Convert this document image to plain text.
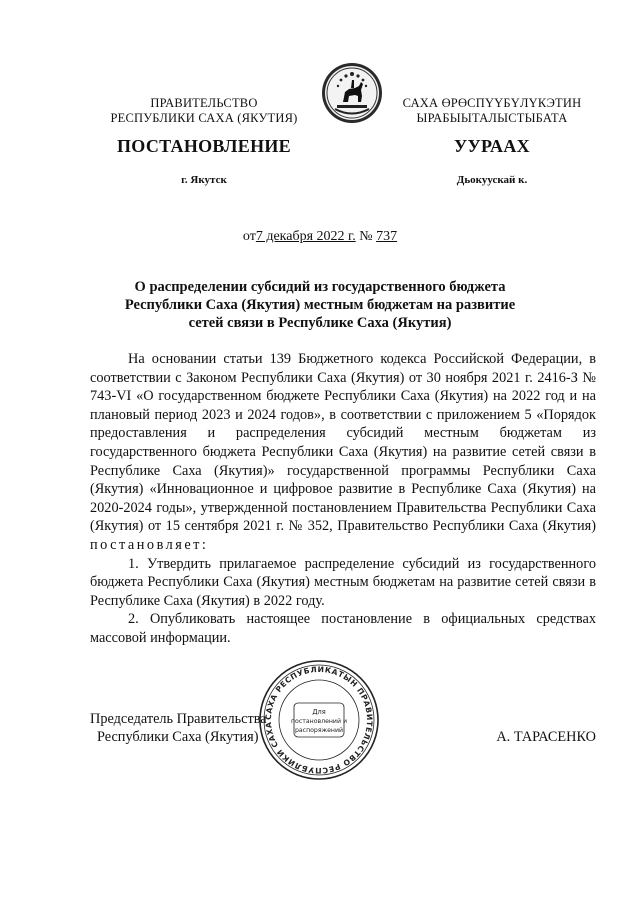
ПРАВИТЕЛЬСТВО
РЕСПУБЛИКИ САХА (ЯКУТИЯ)
САХА ӨРӨСПҮҮБҮЛҮКЭТИН
ЫРАБЫЫТАЛЫСТЫБАТА
ПОСТАНОВЛЕНИЕ	УУРААХ
г. Якутск	Дьокуускай к.
от7 декабря 2022 г. № 737
О распределении субсидий из государственного бюджета
Республики Саха (Якутия) местным бюджетам на развитие
сетей связи в Республике Саха (Якутия)

На основании статьи 139 Бюджетного кодекса Российской Федерации, в соответствии с Законом Республики Саха (Якутия) от 30 ноября 2021 г. 2416-З № 743-VI «О государственном бюджете Республики Саха (Якутия) на 2022 год и на плановый период 2023 и 2024 годов», в соответствии с приложением 5 «Порядок предоставления и распределения субсидий местным бюджетам из государственного бюджета Республики Саха (Якутия) на развитие сетей связи в Республике Саха (Якутия)» государственной программы Республики Саха (Якутия) «Инновационное и цифровое развитие в Республике Саха (Якутия) на 2020-2024 годы», утвержденной постановлением Правительства Республики Саха (Якутия) от 15 сентября 2021 г. № 352, Правительство Республики Саха (Якутия) постановляет:

1. Утвердить прилагаемое распределение субсидий из государственного бюджета Республики Саха (Якутия) местным бюджетам на развитие сетей связи в Республике Саха (Якутия) в 2022 году.

2. Опубликовать настоящее постановление в официальных средствах массовой информации.

Председатель Правительства
Республики Саха (Якутия)	А. ТАРАСЕНКО
САХА РЕСПУБЛИКАТЫН ПРАВИТЕЛЬСТВО РЕСПУБЛИКИ САХА
Для
постановлений и
распоряжений
